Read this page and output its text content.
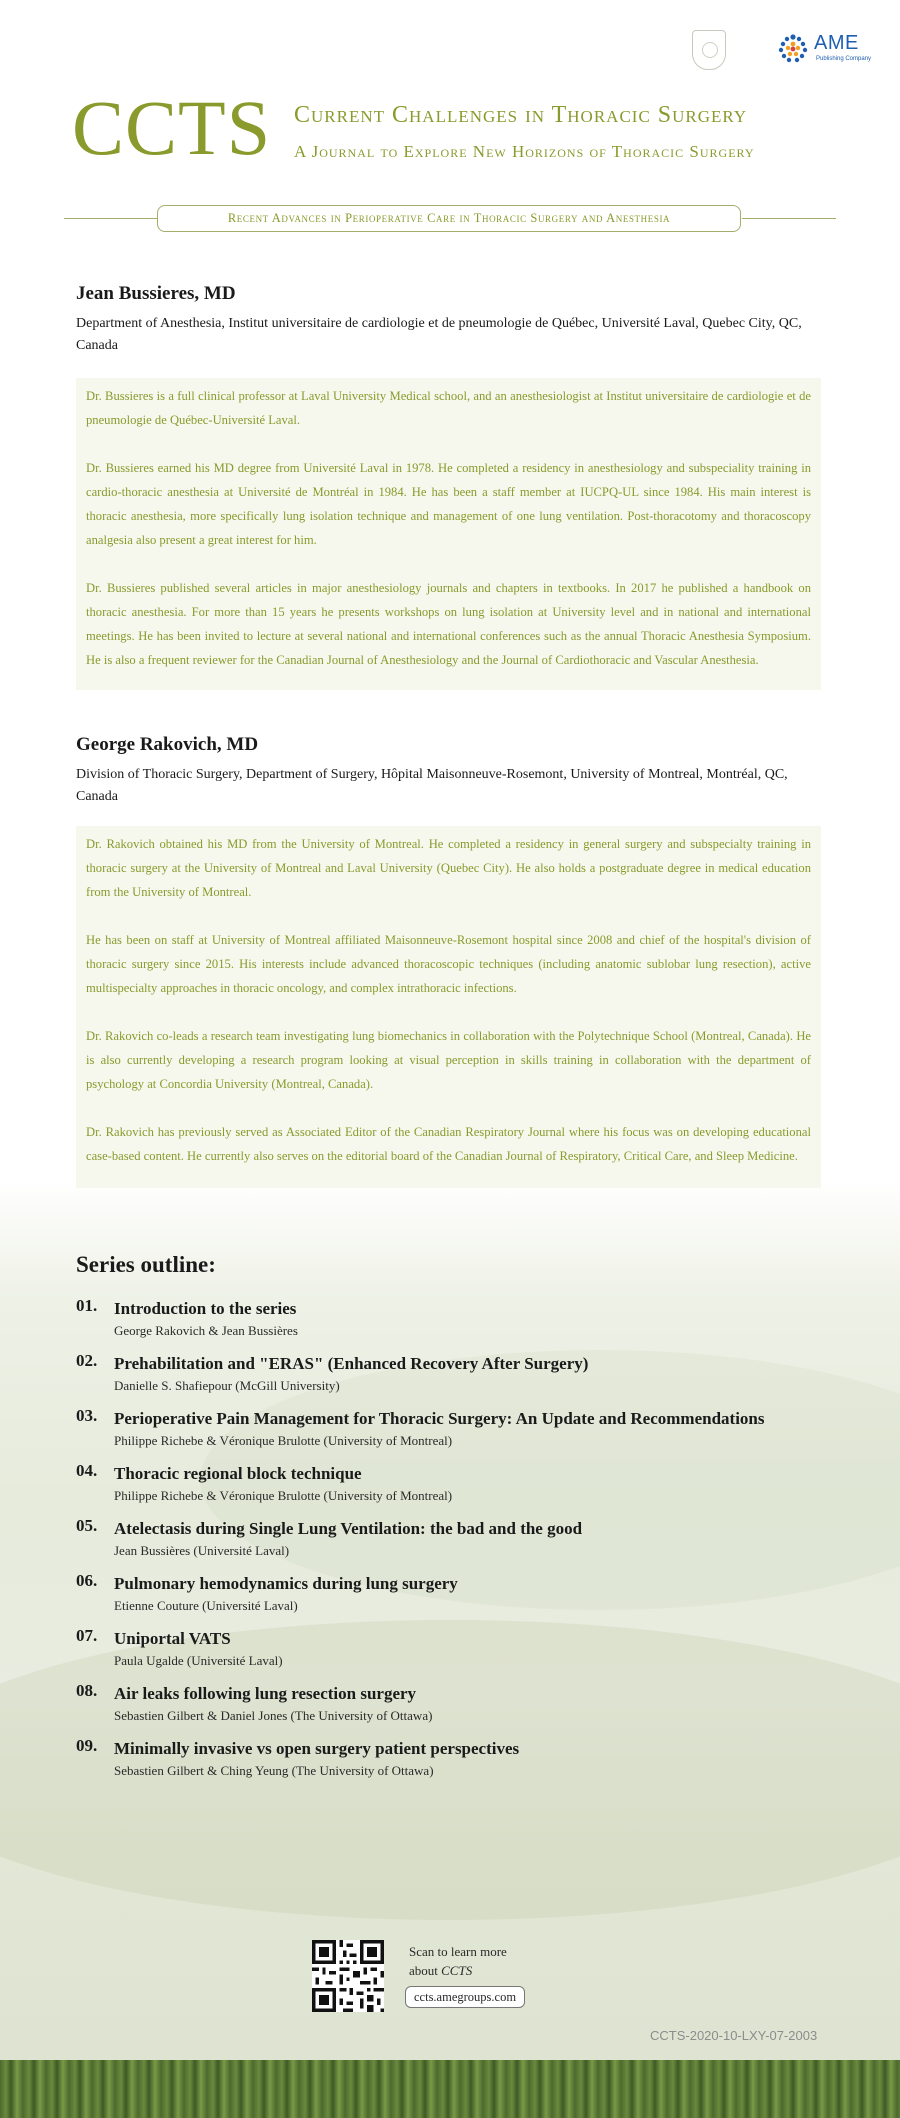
AME
Publishing Company
CCTS Current Challenges in Thoracic Surgery
A Journal to Explore New Horizons of Thoracic Surgery
Recent Advances in Perioperative Care in Thoracic Surgery and Anesthesia
Jean Bussieres, MD
Department of Anesthesia, Institut universitaire de cardiologie et de pneumologie de Québec, Université Laval, Quebec City, QC, Canada

Dr. Bussieres is a full clinical professor at Laval University Medical school, and an anesthesiologist at Institut universitaire de cardiologie et de pneumologie de Québec-Université Laval.

Dr. Bussieres earned his MD degree from Université Laval in 1978. He completed a residency in anesthesiology and subspeciality training in cardio-thoracic anesthesia at Université de Montréal in 1984. He has been a staff member at IUCPQ-UL since 1984. His main interest is thoracic anesthesia, more specifically lung isolation technique and management of one lung ventilation. Post-thoracotomy and thoracoscopy analgesia also present a great interest for him.

Dr. Bussieres published several articles in major anesthesiology journals and chapters in textbooks. In 2017 he published a handbook on thoracic anesthesia. For more than 15 years he presents workshops on lung isolation at University level and in national and international meetings. He has been invited to lecture at several national and international conferences such as the annual Thoracic Anesthesia Symposium. He is also a frequent reviewer for the Canadian Journal of Anesthesiology and the Journal of Cardiothoracic and Vascular Anesthesia.

George Rakovich, MD
Division of Thoracic Surgery, Department of Surgery, Hôpital Maisonneuve-Rosemont, University of Montreal, Montréal, QC, Canada

Dr. Rakovich obtained his MD from the University of Montreal. He completed a residency in general surgery and subspecialty training in thoracic surgery at the University of Montreal and Laval University (Quebec City). He also holds a postgraduate degree in medical education from the University of Montreal.

He has been on staff at University of Montreal affiliated Maisonneuve-Rosemont hospital since 2008 and chief of the hospital's division of thoracic surgery since 2015. His interests include advanced thoracoscopic techniques (including anatomic sublobar lung resection), active multispecialty approaches in thoracic oncology, and complex intrathoracic infections.

Dr. Rakovich co-leads a research team investigating lung biomechanics in collaboration with the Polytechnique School (Montreal, Canada). He is also currently developing a research program looking at visual perception in skills training in collaboration with the department of psychology at Concordia University (Montreal, Canada).

Dr. Rakovich has previously served as Associated Editor of the Canadian Respiratory Journal where his focus was on developing educational case-based content. He currently also serves on the editorial board of the Canadian Journal of Respiratory, Critical Care, and Sleep Medicine.

Series outline:
01. Introduction to the series
George Rakovich & Jean Bussières
02. Prehabilitation and "ERAS" (Enhanced Recovery After Surgery)
Danielle S. Shafiepour (McGill University)
03. Perioperative Pain Management for Thoracic Surgery: An Update and Recommendations
Philippe Richebe & Véronique Brulotte (University of Montreal)
04. Thoracic regional block technique
Philippe Richebe & Véronique Brulotte (University of Montreal)
05. Atelectasis during Single Lung Ventilation: the bad and the good
Jean Bussières (Université Laval)
06. Pulmonary hemodynamics during lung surgery
Etienne Couture (Université Laval)
07. Uniportal VATS
Paula Ugalde (Université Laval)
08. Air leaks following lung resection surgery
Sebastien Gilbert & Daniel Jones (The University of Ottawa)
09. Minimally invasive vs open surgery patient perspectives
Sebastien Gilbert & Ching Yeung (The University of Ottawa)
Scan to learn more
about CCTS
ccts.amegroups.com
CCTS-2020-10-LXY-07-2003
